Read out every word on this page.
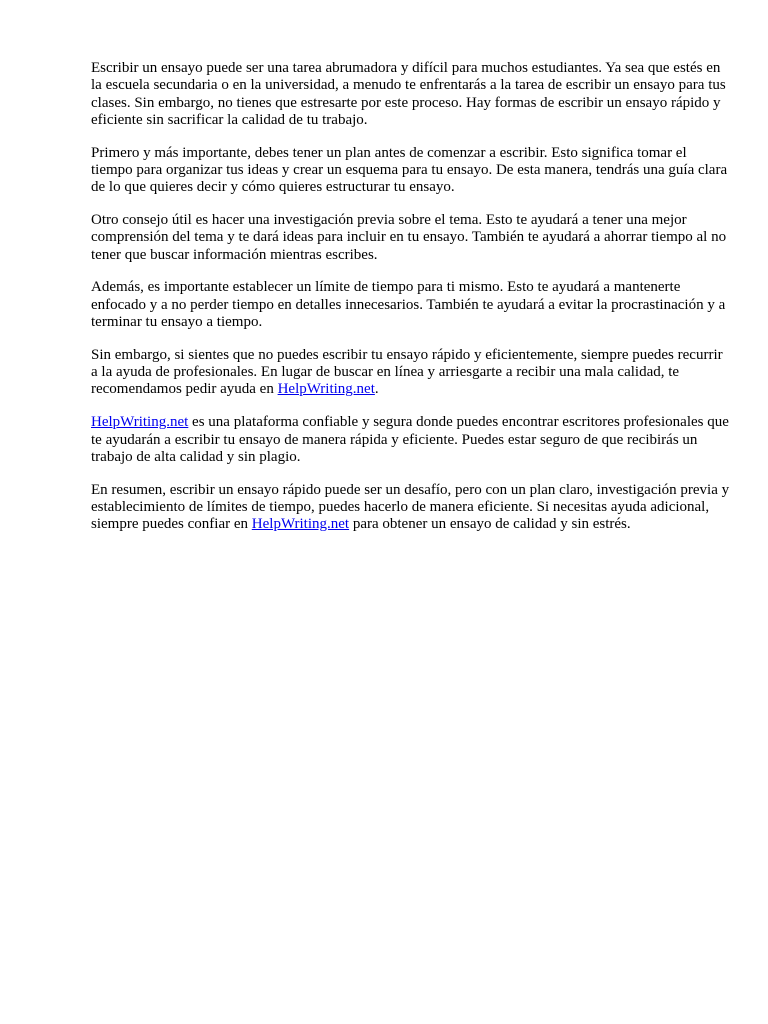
Escribir un ensayo puede ser una tarea abrumadora y difícil para muchos estudiantes. Ya sea que estés en la escuela secundaria o en la universidad, a menudo te enfrentarás a la tarea de escribir un ensayo para tus clases. Sin embargo, no tienes que estresarte por este proceso. Hay formas de escribir un ensayo rápido y eficiente sin sacrificar la calidad de tu trabajo.

Primero y más importante, debes tener un plan antes de comenzar a escribir. Esto significa tomar el tiempo para organizar tus ideas y crear un esquema para tu ensayo. De esta manera, tendrás una guía clara de lo que quieres decir y cómo quieres estructurar tu ensayo.

Otro consejo útil es hacer una investigación previa sobre el tema. Esto te ayudará a tener una mejor comprensión del tema y te dará ideas para incluir en tu ensayo. También te ayudará a ahorrar tiempo al no tener que buscar información mientras escribes.

Además, es importante establecer un límite de tiempo para ti mismo. Esto te ayudará a mantenerte enfocado y a no perder tiempo en detalles innecesarios. También te ayudará a evitar la procrastinación y a terminar tu ensayo a tiempo.

Sin embargo, si sientes que no puedes escribir tu ensayo rápido y eficientemente, siempre puedes recurrir a la ayuda de profesionales. En lugar de buscar en línea y arriesgarte a recibir una mala calidad, te recomendamos pedir ayuda en HelpWriting.net.

HelpWriting.net es una plataforma confiable y segura donde puedes encontrar escritores profesionales que te ayudarán a escribir tu ensayo de manera rápida y eficiente. Puedes estar seguro de que recibirás un trabajo de alta calidad y sin plagio.

En resumen, escribir un ensayo rápido puede ser un desafío, pero con un plan claro, investigación previa y establecimiento de límites de tiempo, puedes hacerlo de manera eficiente. Si necesitas ayuda adicional, siempre puedes confiar en HelpWriting.net para obtener un ensayo de calidad y sin estrés.
